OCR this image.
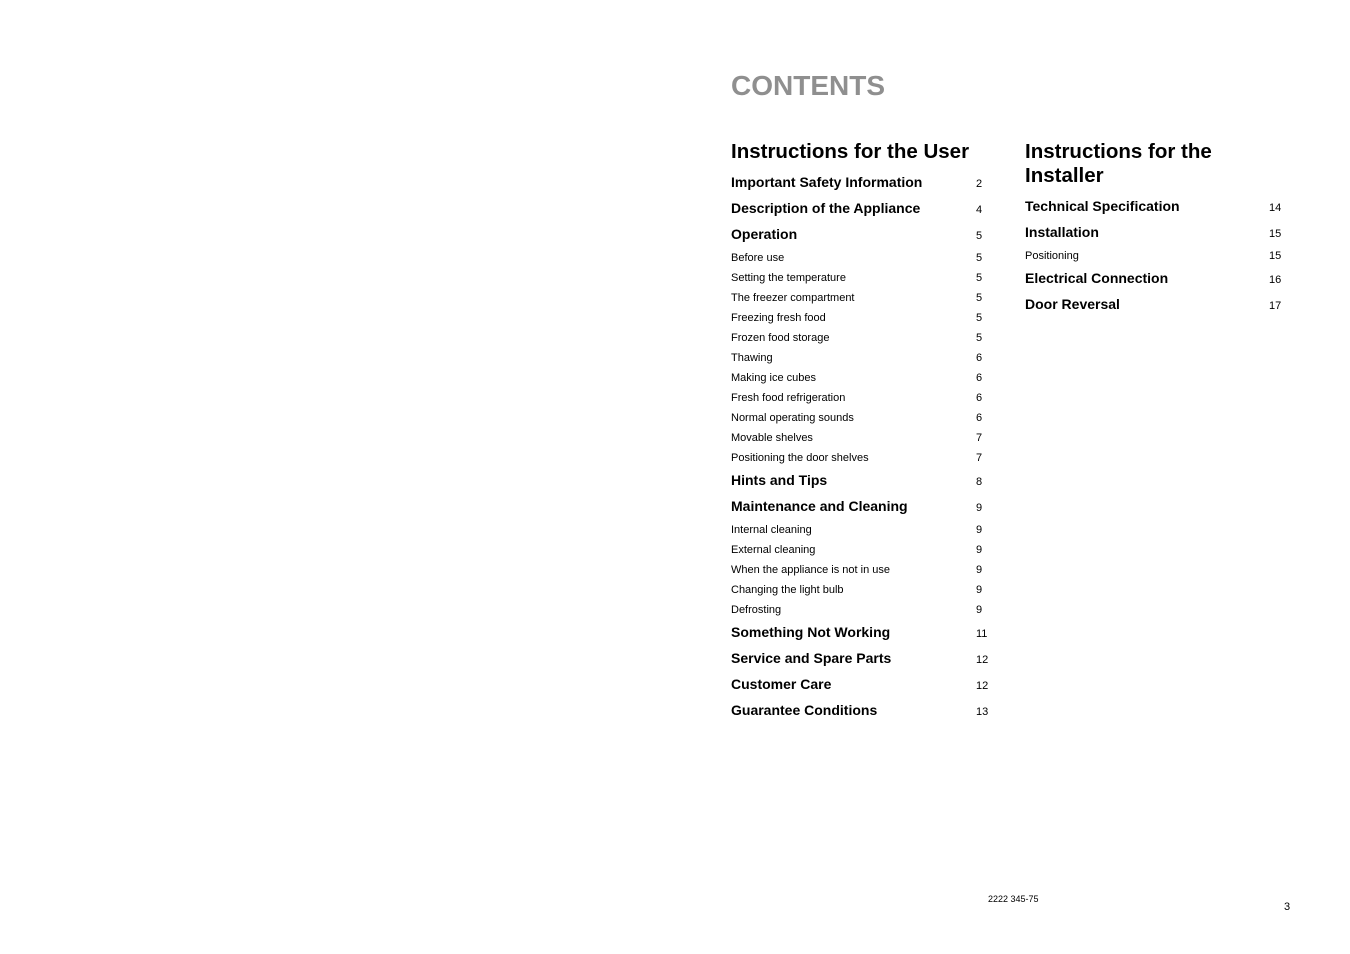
CONTENTS
Instructions for the User
Important Safety Information	2
Description of the Appliance	4
Operation	5
Before use	5
Setting the temperature	5
The freezer compartment	5
Freezing fresh food	5
Frozen food storage	5
Thawing	6
Making ice cubes	6
Fresh food refrigeration	6
Normal operating sounds	6
Movable shelves	7
Positioning the door shelves	7
Hints and Tips	8
Maintenance and Cleaning	9
Internal cleaning	9
External cleaning	9
When the appliance is not in use	9
Changing the light bulb	9
Defrosting	9
Something Not Working	11
Service and Spare Parts	12
Customer Care	12
Guarantee Conditions	13
Instructions for the Installer
Technical Specification	14
Installation	15
Positioning	15
Electrical Connection	16
Door Reversal	17
2222 345-75
3
